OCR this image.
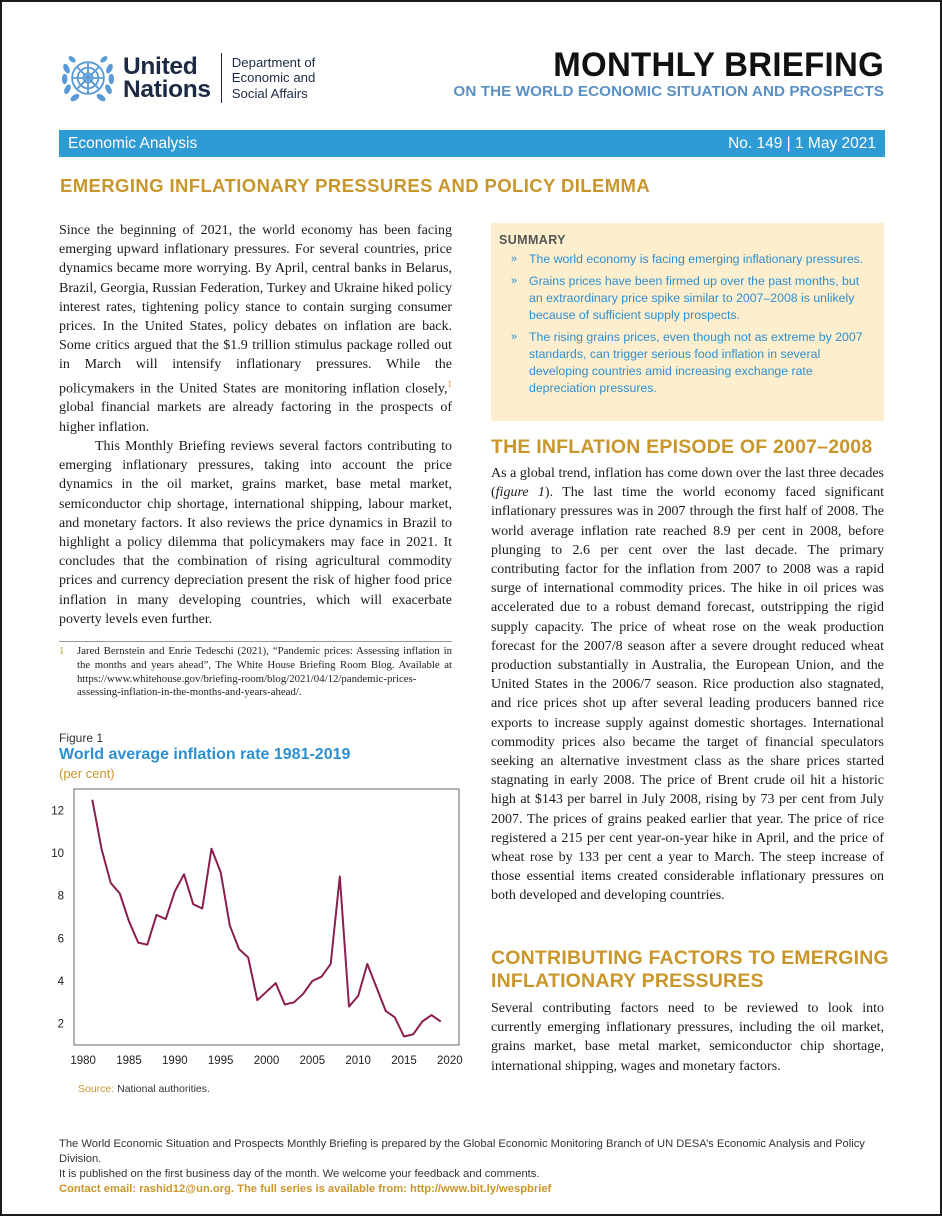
United
Nations
Department of
Economic and
Social Affairs
MONTHLY BRIEFING
ON THE WORLD ECONOMIC SITUATION AND PROSPECTS
Economic Analysis	No. 149 | 1 May 2021
EMERGING INFLATIONARY PRESSURES AND POLICY DILEMMA

Since the beginning of 2021, the world economy has been facing emerging upward inflationary pressures. For several countries, price dynamics became more worrying. By April, central banks in Belarus, Brazil, Georgia, Russian Federation, Turkey and Ukraine hiked policy interest rates, tightening policy stance to contain surging consumer prices. In the United States, policy debates on inflation are back. Some critics argued that the $1.9 trillion stimulus package rolled out in March will intensify inflationary pressures. While the policymakers in the United States are monitoring inflation closely,$^1$ global financial markets are already factoring in the prospects of higher inflation.

This Monthly Briefing reviews several factors contributing to emerging inflationary pressures, taking into account the price dynamics in the oil market, grains market, base metal market, semiconductor chip shortage, international shipping, labour market, and monetary factors. It also reviews the price dynamics in Brazil to highlight a policy dilemma that policymakers may face in 2021. It concludes that the combination of rising agricultural commodity prices and currency depreciation present the risk of higher food price inflation in many developing countries, which will exacerbate poverty levels even further.

1	Jared Bernstein and Enrie Tedeschi (2021), “Pandemic prices: Assessing inflation in the months and years ahead”, The White House Briefing Room Blog. Available at https://www.whitehouse.gov/briefing-room/blog/2021/04/12/pandemic-prices-assessing-inflation-in-the-months-and-years-ahead/.
Figure 1
World average inflation rate 1981-2019
(per cent)
2
4
6
8
10
12
1980 1985 1990 1995 2000 2005 2010 2015 2020
Source: National authorities.
SUMMARY
» The world economy is facing emerging inflationary pressures.
» Grains prices have been firmed up over the past months, but an extraordinary price spike similar to 2007–2008 is unlikely because of sufficient supply prospects.
» The rising grains prices, even though not as extreme by 2007 standards, can trigger serious food inflation in several developing countries amid increasing exchange rate depreciation pressures.
THE INFLATION EPISODE OF 2007–2008
As a global trend, inflation has come down over the last three decades (figure 1). The last time the world economy faced significant inflationary pressures was in 2007 through the first half of 2008. The world average inflation rate reached 8.9 per cent in 2008, before plunging to 2.6 per cent over the last decade. The primary contributing factor for the inflation from 2007 to 2008 was a rapid surge of international commodity prices. The hike in oil prices was accelerated due to a robust demand forecast, outstripping the rigid supply capacity. The price of wheat rose on the weak production forecast for the 2007/8 season after a severe drought reduced wheat production substantially in Australia, the European Union, and the United States in the 2006/7 season. Rice production also stagnated, and rice prices shot up after several leading producers banned rice exports to increase supply against domestic shortages. International commodity prices also became the target of financial speculators seeking an alternative investment class as the share prices started stagnating in early 2008. The price of Brent crude oil hit a historic high at $143 per barrel in July 2008, rising by 73 per cent from July 2007. The prices of grains peaked earlier that year. The price of rice registered a 215 per cent year-on-year hike in April, and the price of wheat rose by 133 per cent a year to March. The steep increase of those essential items created considerable inflationary pressures on both developed and developing countries.
CONTRIBUTING FACTORS TO EMERGING
INFLATIONARY PRESSURES
Several contributing factors need to be reviewed to look into currently emerging inflationary pressures, including the oil market, grains market, base metal market, semiconductor chip shortage, international shipping, wages and monetary factors.
The World Economic Situation and Prospects Monthly Briefing is prepared by the Global Economic Monitoring Branch of UN DESA’s Economic Analysis and Policy Division.
It is published on the first business day of the month. We welcome your feedback and comments.
Contact email: rashid12@un.org. The full series is available from: http://www.bit.ly/wespbrief
